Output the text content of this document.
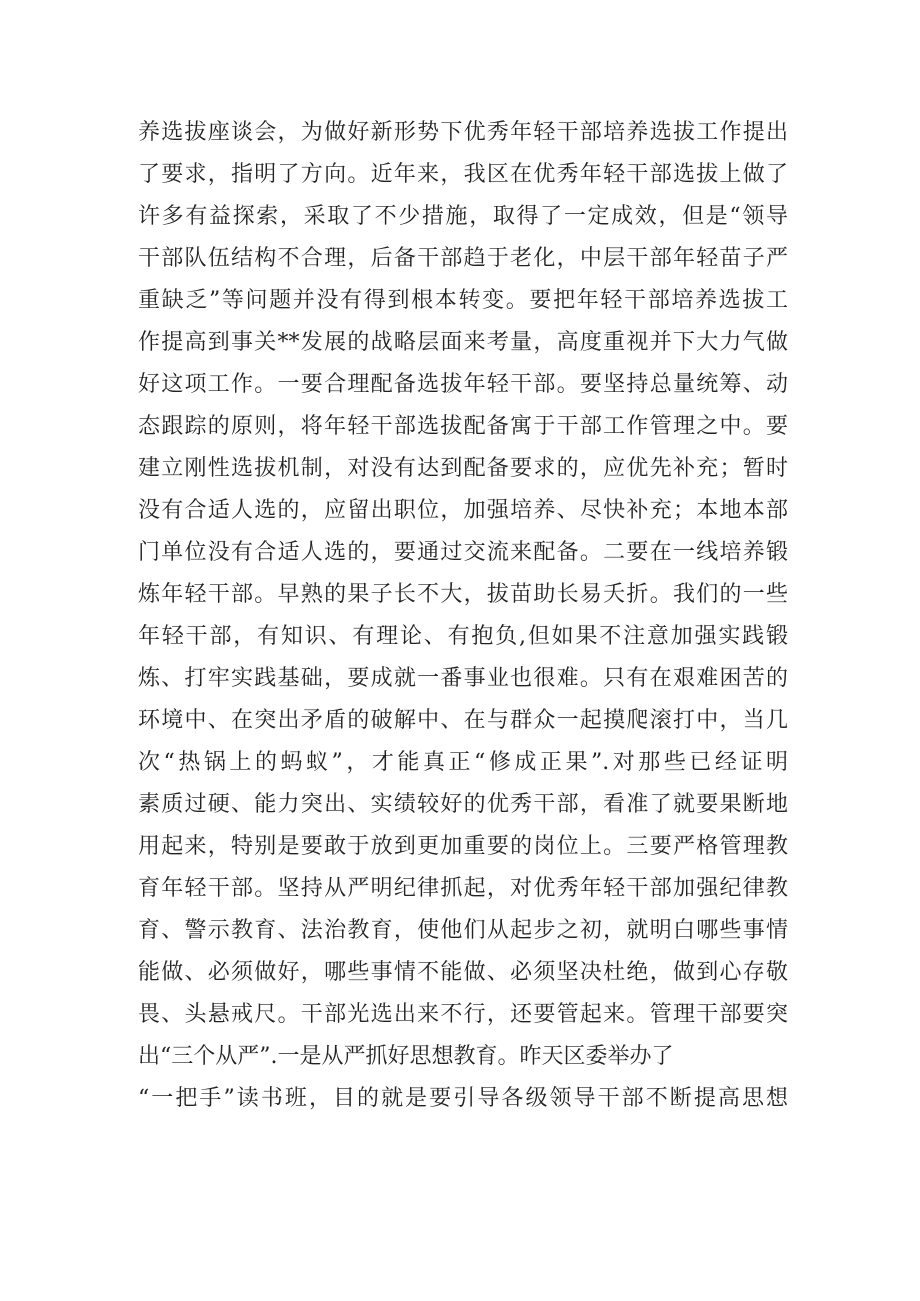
养选拔座谈会，为做好新形势下优秀年轻干部培养选拔工作提出
了要求，指明了方向。近年来，我区在优秀年轻干部选拔上做了
许多有益探索，采取了不少措施，取得了一定成效，但是“领导
干部队伍结构不合理，后备干部趋于老化，中层干部年轻苗子严
重缺乏”等问题并没有得到根本转变。要把年轻干部培养选拔工
作提高到事关**发展的战略层面来考量，高度重视并下大力气做
好这项工作。一要合理配备选拔年轻干部。要坚持总量统筹、动
态跟踪的原则，将年轻干部选拔配备寓于干部工作管理之中。要
建立刚性选拔机制，对没有达到配备要求的，应优先补充；暂时
没有合适人选的，应留出职位，加强培养、尽快补充；本地本部
门单位没有合适人选的，要通过交流来配备。二要在一线培养锻
炼年轻干部。早熟的果子长不大，拔苗助长易夭折。我们的一些
年轻干部，有知识、有理论、有抱负,但如果不注意加强实践锻
炼、打牢实践基础，要成就一番事业也很难。只有在艰难困苦的
环境中、在突出矛盾的破解中、在与群众一起摸爬滚打中，当几
次“热锅上的蚂蚁”，才能真正“修成正果”.对那些已经证明
素质过硬、能力突出、实绩较好的优秀干部，看准了就要果断地
用起来，特别是要敢于放到更加重要的岗位上。三要严格管理教
育年轻干部。坚持从严明纪律抓起，对优秀年轻干部加强纪律教
育、警示教育、法治教育，使他们从起步之初，就明白哪些事情
能做、必须做好，哪些事情不能做、必须坚决杜绝，做到心存敬
畏、头悬戒尺。干部光选出来不行，还要管起来。管理干部要突
出“三个从严”.一是从严抓好思想教育。昨天区委举办了
“一把手”读书班，目的就是要引导各级领导干部不断提高思想
